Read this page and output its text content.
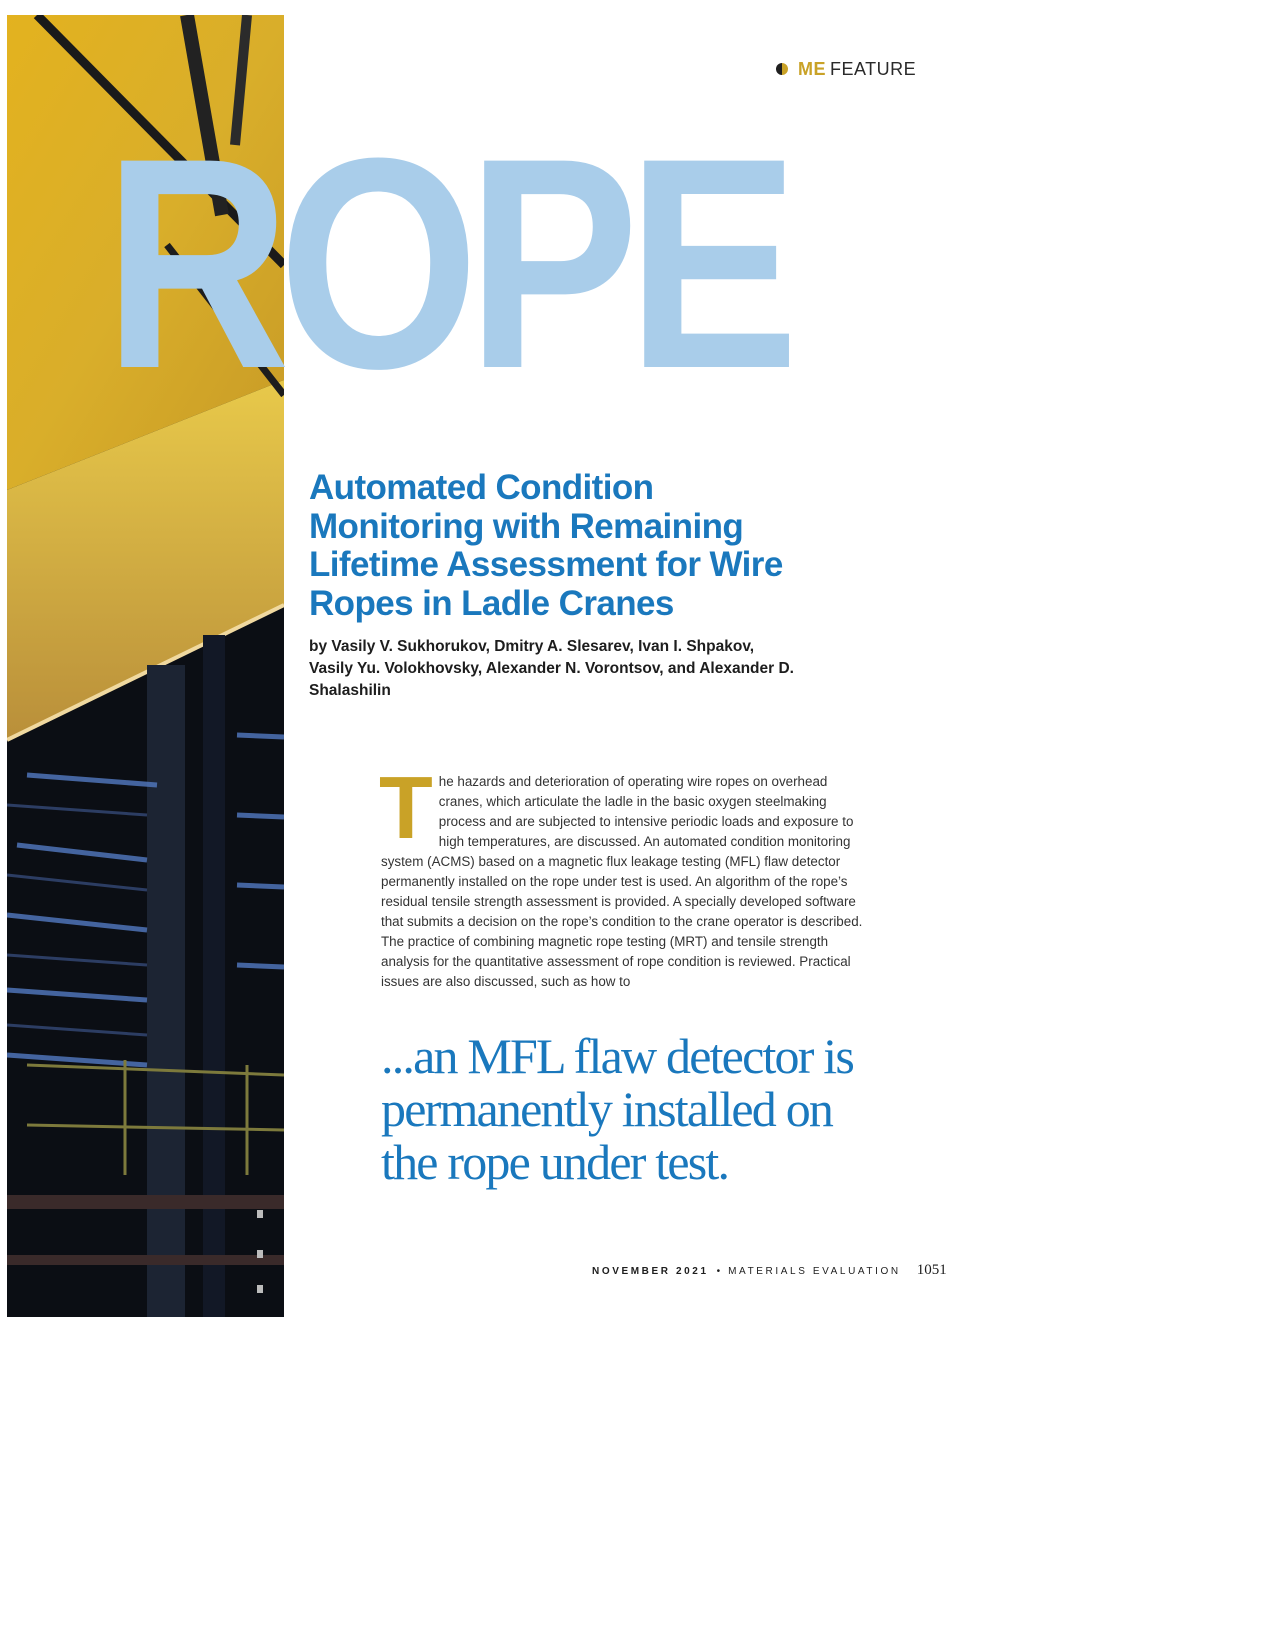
ME FEATURE
ROPE
Automated Condition Monitoring with Remaining Lifetime Assessment for Wire Ropes in Ladle Cranes

by Vasily V. Sukhorukov, Dmitry A. Slesarev, Ivan I. Shpakov, Vasily Yu. Volokhovsky, Alexander N. Vorontsov, and Alexander D. Shalashilin

The hazards and deterioration of operating wire ropes on overhead cranes, which articulate the ladle in the basic oxygen steelmaking process and are subjected to intensive periodic loads and exposure to high temperatures, are discussed. An automated condition monitoring system (ACMS) based on a magnetic flux leakage testing (MFL) flaw detector permanently installed on the rope under test is used. An algorithm of the rope’s residual tensile strength assessment is provided. A specially developed software that submits a decision on the rope’s condition to the crane operator is described. The practice of combining magnetic rope testing (MRT) and tensile strength analysis for the quantitative assessment of rope condition is reviewed. Practical issues are also discussed, such as how to

...an MFL flaw detector is permanently installed on the rope under test.

NOVEMBER 2021 • MATERIALS EVALUATION 1051
